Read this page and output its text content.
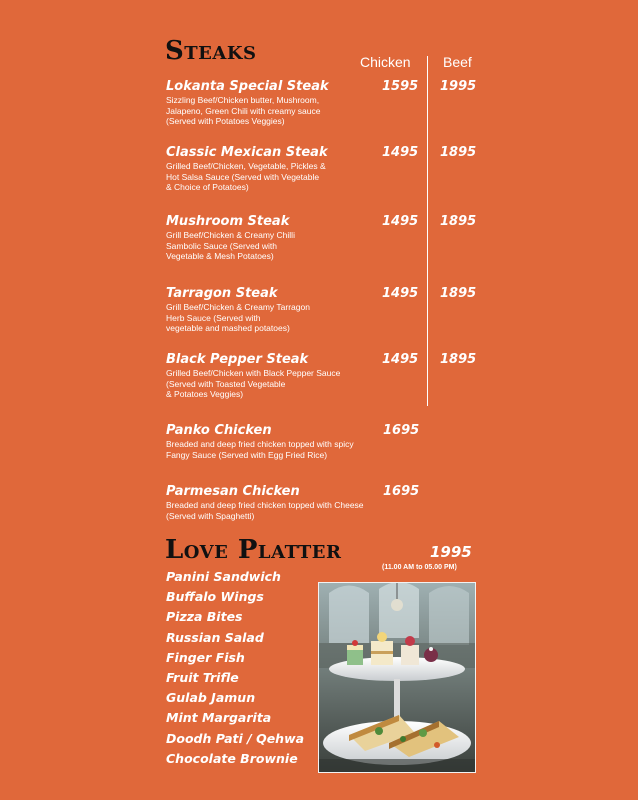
Steaks	Chicken Beef
Lokanta Special Steak
Sizzling Beef/Chicken butter, Mushroom,
Jalapeno, Green Chili with creamy sauce
(Served with Potatoes Veggies)
1595 1995
Classic Mexican Steak
Grilled Beef/Chicken, Vegetable, Pickles &
Hot Salsa Sauce (Served with Vegetable
& Choice of Potatoes)
1495 1895
Mushroom Steak
Grill Beef/Chicken & Creamy Chilli
Sambolic Sauce (Served with
Vegetable & Mesh Potatoes)
1495 1895
Tarragon Steak
Grill Beef/Chicken & Creamy Tarragon
Herb Sauce (Served with
vegetable and mashed potatoes)
1495 1895
Black Pepper Steak
Grilled Beef/Chicken with Black Pepper Sauce
(Served with Toasted Vegetable
& Potatoes Veggies)
1495 1895
Panko Chicken
Breaded and deep fried chicken topped with spicy
Fangy Sauce (Served with Egg Fried Rice)
1695
Parmesan Chicken
Breaded and deep fried chicken topped with Cheese
(Served with Spaghetti)
1695
Love Platter	1995
(11.00 AM to 05.00 PM)
Panini Sandwich
Buffalo Wings
Pizza Bites
Russian Salad
Finger Fish
Fruit Trifle
Gulab Jamun
Mint Margarita
Doodh Pati / Qehwa
Chocolate Brownie
